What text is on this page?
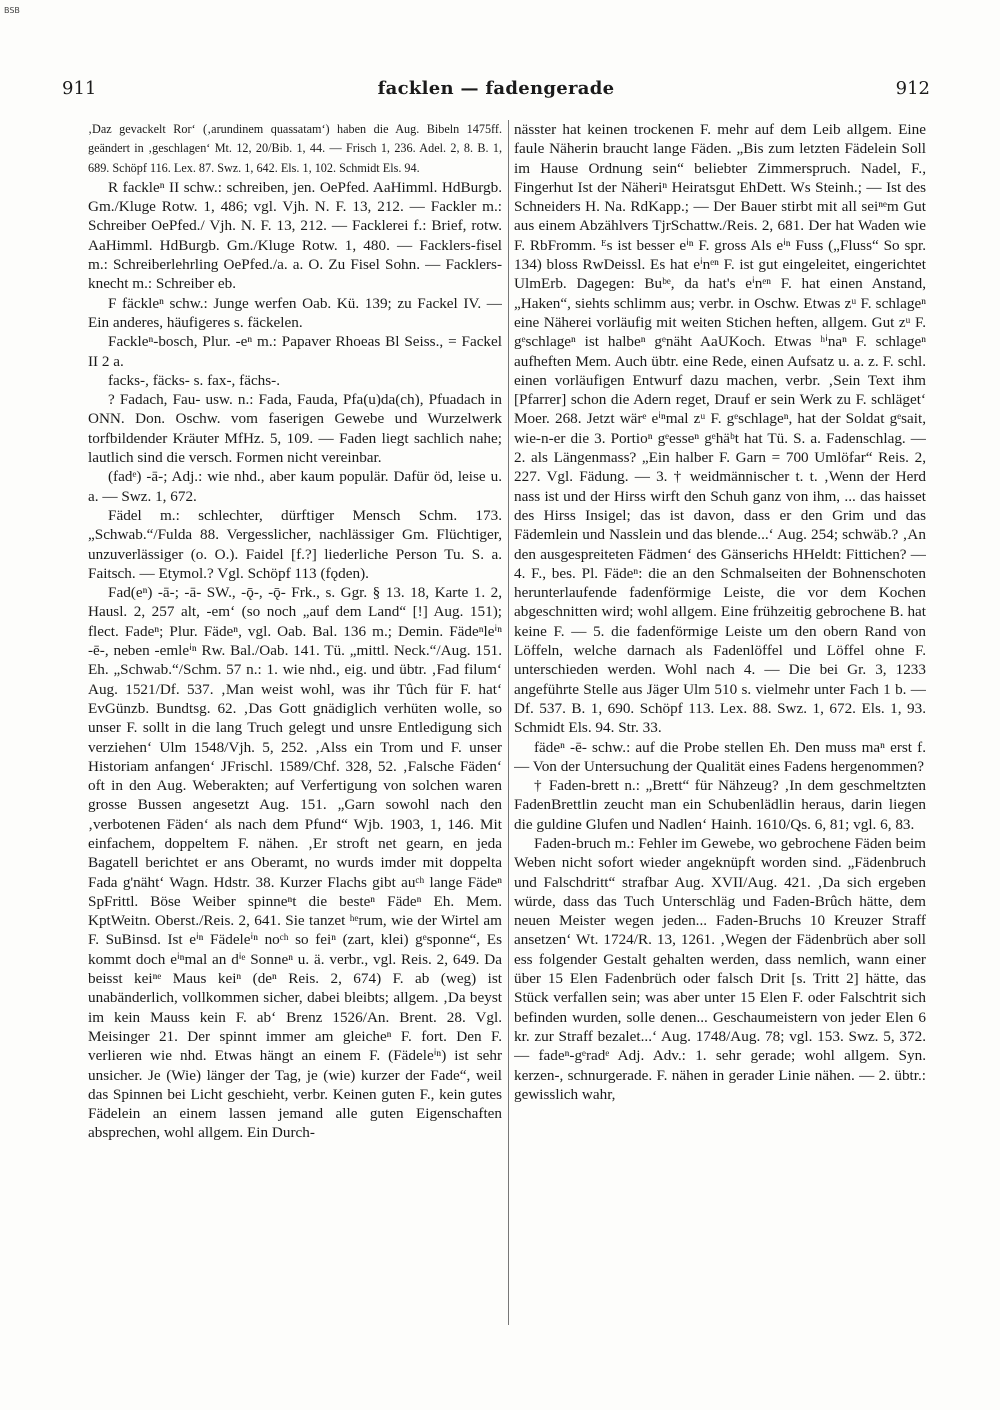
BSB
911	facklen — fadengerade	912

‚Daz gevackelt Ror‘ (‚arundinem quassatam‘) haben die Aug. Bibeln 1475ff. geändert in ‚geschlagen‘ Mt. 12, 20/Bib. 1, 44. — Frisch 1, 236. Adel. 2, 8. B. 1, 689. Schöpf 116. Lex. 87. Swz. 1, 642. Els. 1, 102. Schmidt Els. 94.

R fackleⁿ II schw.: schreiben, jen. OePfed. AaHimml. HdBurgb. Gm./Kluge Rotw. 1, 486; vgl. Vjh. N. F. 13, 212. — Fackler m.: Schreiber OePfed./ Vjh. N. F. 13, 212. — Facklerei f.: Brief, rotw. AaHimml. HdBurgb. Gm./Kluge Rotw. 1, 480. — Facklers-fisel m.: Schreiberlehrling OePfed./a. a. O. Zu Fisel Sohn. — Facklers-knecht m.: Schreiber eb.

F fäckleⁿ schw.: Junge werfen Oab. Kü. 139; zu Fackel IV. — Ein anderes, häufigeres s. fäckelen.

Fackleⁿ-bosch, Plur. -eⁿ m.: Papaver Rhoeas Bl Seiss., = Fackel II 2 a.

facks-, fäcks- s. fax-, fächs-.

? Fadach, Fau- usw. n.: Fada, Fauda, Pfa(u)da(ch), Pfuadach in ONN. Don. Oschw. vom faserigen Gewebe und Wurzelwerk torfbildender Kräuter MfHz. 5, 109. — Faden liegt sachlich nahe; lautlich sind die versch. Formen nicht vereinbar.

(fadᵉ) -ā-; Adj.: wie nhd., aber kaum populär. Dafür öd, leise u. a. — Swz. 1, 672.

Fädel m.: schlechter, dürftiger Mensch Schm. 173. „Schwab.“/Fulda 88. Vergesslicher, nachlässiger Gm. Flüchtiger, unzuverlässiger (o. O.). Faidel [f.?] liederliche Person Tu. S. a. Faitsch. — Etymol.? Vgl. Schöpf 113 (fǫden).

Fad(eⁿ) -ā-; -ā- SW., -ǭ-, -ǭ- Frk., s. Ggr. § 13. 18, Karte 1. 2, Hausl. 2, 257 alt, -em‘ (so noch „auf dem Land“ [!] Aug. 151); flect. Fadeⁿ; Plur. Fädeⁿ, vgl. Oab. Bal. 136 m.; Demin. Fädeⁿleⁱⁿ -ē-, neben -emleⁱⁿ Rw. Bal./Oab. 141. Tü. „mittl. Neck.“/Aug. 151. Eh. „Schwab.“/Schm. 57 n.: 1. wie nhd., eig. und übtr. ‚Fad filum‘ Aug. 1521/Df. 537. ‚Man weist wohl, was ihr Tûch für F. hat‘ EvGünzb. Bundtsg. 62. ‚Das Gott gnädiglich verhüten wolle, so unser F. sollt in die lang Truch gelegt und unsre Entledigung sich verziehen‘ Ulm 1548/Vjh. 5, 252. ‚Alss ein Trom und F. unser Historiam anfangen‘ JFrischl. 1589/Chf. 328, 52. ‚Falsche Fäden‘ oft in den Aug. Weberakten; auf Verfertigung von solchen waren grosse Bussen angesetzt Aug. 151. „Garn sowohl nach den ‚verbotenen Fäden‘ als nach dem Pfund“ Wjb. 1903, 1, 146. Mit einfachem, doppeltem F. nähen. ‚Er stroft net gearn, en jeda Bagatell berichtet er ans Oberamt, no wurds imder mit doppelta Fada g'näht‘ Wagn. Hdstr. 38. Kurzer Flachs gibt auᶜʰ lange Fädeⁿ SpFrittl. Böse Weiber spinneⁿt die besteⁿ Fädeⁿ Eh. Mem. KptWeitn. Oberst./Reis. 2, 641. Sie tanzet ʰᵉrum, wie der Wirtel am F. SuBinsd. Ist eⁱⁿ Fädeleⁱⁿ noᶜʰ so feiⁿ (zart, klei) gᵉsponne“, Es kommt doch eⁱⁿmal an dⁱᵉ Sonneⁿ u. ä. verbr., vgl. Reis. 2, 649. Da beisst keiⁿᵉ Maus keiⁿ (deⁿ Reis. 2, 674) F. ab (weg) ist unabänderlich, vollkommen sicher, dabei bleibts; allgem. ‚Da beyst im kein Mauss kein F. ab‘ Brenz 1526/An. Brent. 28. Vgl. Meisinger 21. Der spinnt immer am gleicheⁿ F. fort. Den F. verlieren wie nhd. Etwas hängt an einem F. (Fädeleⁱⁿ) ist sehr unsicher. Je (Wie) länger der Tag, je (wie) kurzer der Fade“, weil das Spinnen bei Licht geschieht, verbr. Keinen guten F., kein gutes Fädelein an einem lassen jemand alle guten Eigenschaften absprechen, wohl allgem. Ein Durch-

nässter hat keinen trockenen F. mehr auf dem Leib allgem. Eine faule Näherin braucht lange Fäden. „Bis zum letzten Fädelein Soll im Hause Ordnung sein“ beliebter Zimmerspruch. Nadel, F., Fingerhut Ist der Näheriⁿ Heiratsgut EhDett. Ws Steinh.; — Ist des Schneiders H. Na. RdKapp.; — Der Bauer stirbt mit all seiⁿᵉm Gut aus einem Abzählvers TjrSchattw./Reis. 2, 681. Der hat Waden wie F. RbFromm. ᴱs ist besser eⁱⁿ F. gross Als eⁱⁿ Fuss („Fluss“ So spr. 134) bloss RwDeissl. Es hat eⁱnᵉⁿ F. ist gut eingeleitet, eingerichtet UlmErb. Dagegen: Buᵇᵉ, da hat's eⁱnᵉⁿ F. hat einen Anstand, „Haken“, siehts schlimm aus; verbr. in Oschw. Etwas zᵘ F. schlageⁿ eine Näherei vorläufig mit weiten Stichen heften, allgem. Gut zᵘ F. gᵉschlageⁿ ist halbeⁿ gᵉnäht AaUKoch. Etwas ʰⁱnaⁿ F. schlageⁿ aufheften Mem. Auch übtr. eine Rede, einen Aufsatz u. a. z. F. schl. einen vorläufigen Entwurf dazu machen, verbr. ‚Sein Text ihm [Pfarrer] schon die Adern reget, Drauf er sein Werk zu F. schläget‘ Moer. 268. Jetzt wärᵉ eⁱⁿmal zᵘ F. gᵉschlageⁿ, hat der Soldat gᵉsait, wie-n-er die 3. Portioⁿ gᵉesseⁿ gᵉhäᵇt hat Tü. S. a. Fadenschlag. — 2. als Längenmass? „Ein halber F. Garn = 700 Umlöfar“ Reis. 2, 227. Vgl. Fädung. — 3. † weidmännischer t. t. ‚Wenn der Herd nass ist und der Hirss wirft den Schuh ganz von ihm, ... das haisset des Hirss Insigel; das ist davon, dass er den Grim und das Fädemlein und Nasslein und das blende...‘ Aug. 254; schwäb.? ‚An den ausgespreiteten Fädmen‘ des Gänserichs HHeldt: Fittichen? — 4. F., bes. Pl. Fädeⁿ: die an den Schmalseiten der Bohnenschoten herunterlaufende fadenförmige Leiste, die vor dem Kochen abgeschnitten wird; wohl allgem. Eine frühzeitig gebrochene B. hat keine F. — 5. die fadenförmige Leiste um den obern Rand von Löffeln, welche darnach als Fadenlöffel und Löffel ohne F. unterschieden werden. Wohl nach 4. — Die bei Gr. 3, 1233 angeführte Stelle aus Jäger Ulm 510 s. vielmehr unter Fach 1 b. — Df. 537. B. 1, 690. Schöpf 113. Lex. 88. Swz. 1, 672. Els. 1, 93. Schmidt Els. 94. Str. 33.

fädeⁿ -ē- schw.: auf die Probe stellen Eh. Den muss maⁿ erst f. — Von der Untersuchung der Qualität eines Fadens hergenommen?

† Faden-brett n.: „Brett“ für Nähzeug? ‚In dem geschmeltzten FadenBrettlin zeucht man ein Schubenlädlin heraus, darin liegen die guldine Glufen und Nadlen‘ Hainh. 1610/Qs. 6, 81; vgl. 6, 83.

Faden-bruch m.: Fehler im Gewebe, wo gebrochene Fäden beim Weben nicht sofort wieder angeknüpft worden sind. „Fädenbruch und Falschdritt“ strafbar Aug. XVII/Aug. 421. ‚Da sich ergeben würde, dass das Tuch Unterschläg und Faden-Brûch hätte, dem neuen Meister wegen jeden... Faden-Bruchs 10 Kreuzer Straff ansetzen‘ Wt. 1724/R. 13, 1261. ‚Wegen der Fädenbrüch aber soll ess folgender Gestalt gehalten werden, dass nemlich, wann einer über 15 Elen Fadenbrüch oder falsch Drit [s. Tritt 2] hätte, das Stück verfallen sein; was aber unter 15 Elen F. oder Falschtrit sich befinden wurden, solle denen... Geschaumeistern von jeder Elen 6 kr. zur Straff bezalet...‘ Aug. 1748/Aug. 78; vgl. 153. Swz. 5, 372. — fadeⁿ-gᵉradᵉ Adj. Adv.: 1. sehr gerade; wohl allgem. Syn. kerzen-, schnurgerade. F. nähen in gerader Linie nähen. — 2. übtr.: gewisslich wahr,
